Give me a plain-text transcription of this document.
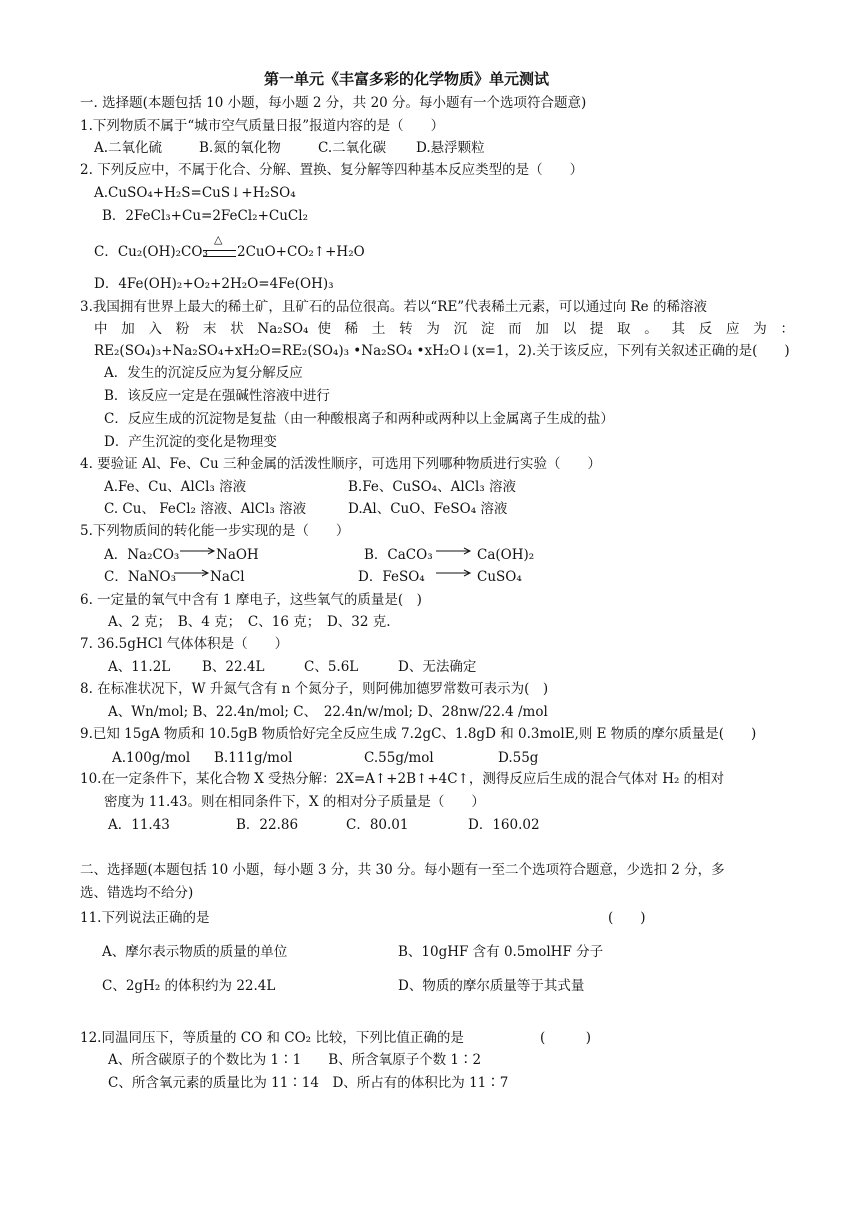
第一单元《丰富多彩的化学物质》单元测试
一. 选择题(本题包括 10 小题，每小题 2 分，共 20 分。每小题有一个选项符合题意)
1.下列物质不属于“城市空气质量日报”报道内容的是（　　）
A.二氧化硫	B.氮的氧化物	C.二氧化碳 D.悬浮颗粒
2. 下列反应中，不属于化合、分解、置换、复分解等四种基本反应类型的是（　　）
A.CuSO₄+H₂S=CuS↓+H₂SO₄
B．2FeCl₃+Cu=2FeCl₂+CuCl₂
△
C．Cu₂(OH)₂CO₃ 2CuO+CO₂↑+H₂O
D．4Fe(OH)₂+O₂+2H₂O=4Fe(OH)₃
3.我国拥有世界上最大的稀土矿，且矿石的品位很高。若以“RE”代表稀土元素，可以通过向 Re 的稀溶液
中 加 入 粉 末 状 Na₂SO₄ 使 稀 土 转 为 沉 淀 而 加 以 提 取 。 其 反 应 为 ：
RE₂(SO₄)₃+Na₂SO₄+xH₂O=RE₂(SO₄)₃ •Na₂SO₄ •xH₂O↓(x=1，2).关于该反应，下列有关叙述正确的是(　　)
A．发生的沉淀反应为复分解反应
B．该反应一定是在强碱性溶液中进行
C．反应生成的沉淀物是复盐（由一种酸根离子和两种或两种以上金属离子生成的盐）
D．产生沉淀的变化是物理变
4. 要验证 Al、Fe、Cu 三种金属的活泼性顺序，可选用下列哪种物质进行实验（　　）
A.Fe、Cu、AlCl₃ 溶液	B.Fe、CuSO₄、AlCl₃ 溶液
C. Cu、 FeCl₂ 溶液、AlCl₃ 溶液	D.Al、CuO、FeSO₄ 溶液
5.下列物质间的转化能一步实现的是（　　）
A．Na₂CO₃ → NaOH	B．CaCO₃ → Ca(OH)₂
C．NaNO₃ → NaCl	D．FeSO₄ → CuSO₄
6. 一定量的氧气中含有 1 摩电子，这些氧气的质量是(　)
A、2 克；　B、4 克；　C、16 克；　D、32 克.
7. 36.5gHCl 气体体积是（　　）
A、11.2L B、22.4L	C、5.6L	D、无法确定
8. 在标准状况下，W 升氮气含有 n 个氮分子，则阿佛加德罗常数可表示为(　)
A、Wn/mol; B、22.4n/mol; C、　22.4n/w/mol; D、28nw/22.4 /mol
9.已知 15gA 物质和 10.5gB 物质恰好完全反应生成 7.2gC、1.8gD 和 0.3molE,则 E 物质的摩尔质量是(　　)
A.100g/mol B.111g/mol	C.55g/mol	D.55g
10.在一定条件下，某化合物 X 受热分解：2X=A↑+2B↑+4C↑，测得反应后生成的混合气体对 H₂ 的相对
密度为 11.43。则在相同条件下，X 的相对分子质量是（　　）
A．11.43	B．22.86	C．80.01	D．160.02
二、选择题(本题包括 10 小题，每小题 3 分，共 30 分。每小题有一至二个选项符合题意，少选扣 2 分，多
选、错选均不给分)
11.下列说法正确的是	(　　)
A、摩尔表示物质的质量的单位	B、10gHF 含有 0.5molHF 分子
C、2gH₂ 的体积约为 22.4L	D、物质的摩尔质量等于其式量
12.同温同压下，等质量的 CO 和 CO₂ 比较，下列比值正确的是	(　　　)
A、所含碳原子的个数比为 1∶1　　B、所含氧原子个数 1∶2
C、所含氧元素的质量比为 11∶14　D、所占有的体积比为 11∶7
